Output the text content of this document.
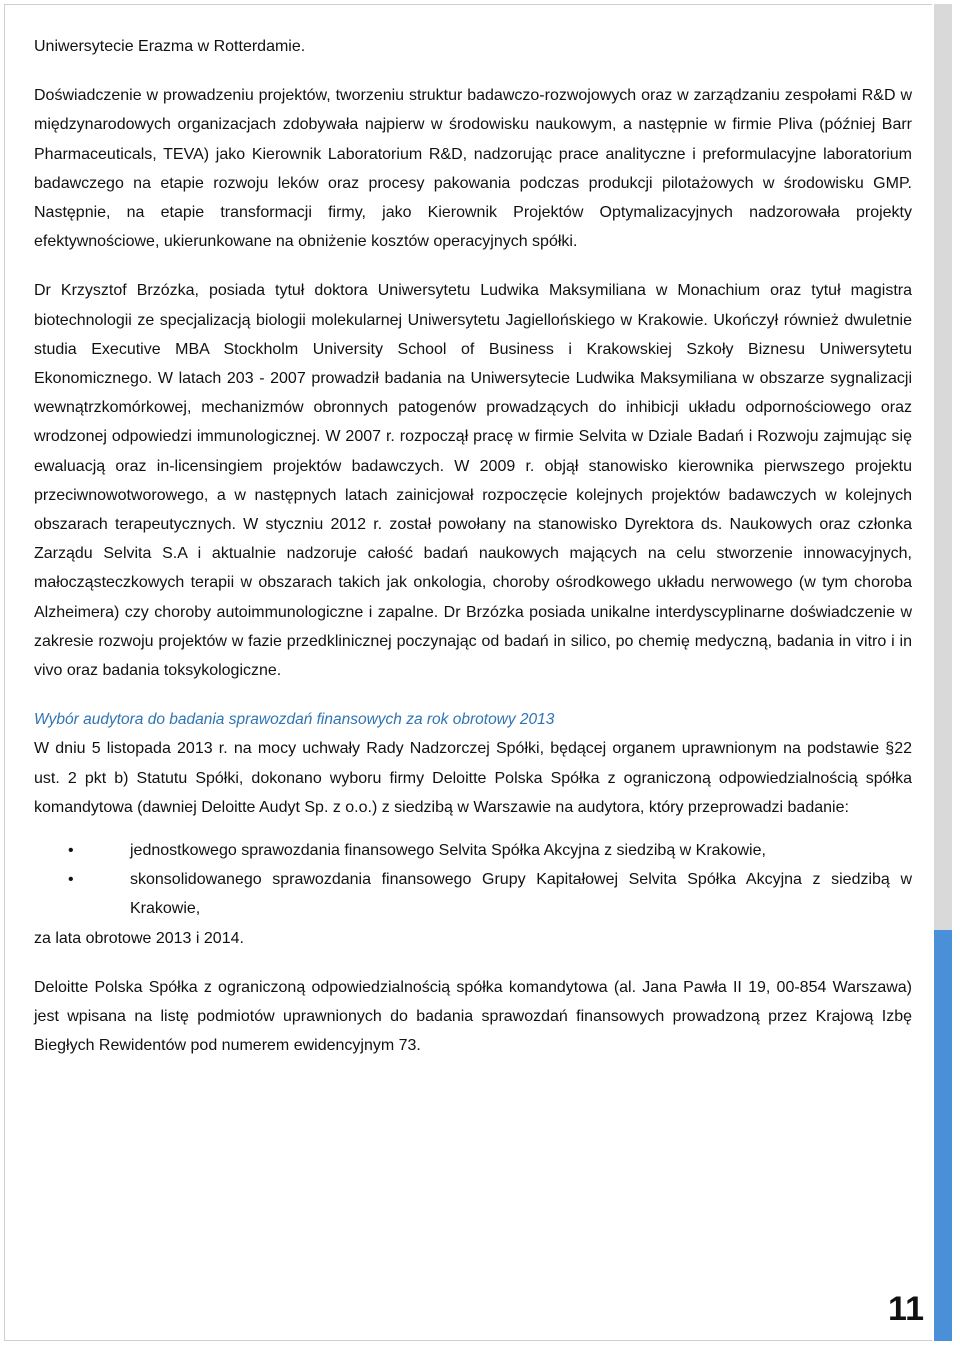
Uniwersytecie Erazma w Rotterdamie.

Doświadczenie w prowadzeniu projektów, tworzeniu struktur badawczo-rozwojowych oraz w zarządzaniu zespołami R&D w międzynarodowych organizacjach zdobywała najpierw w środowisku naukowym, a następnie w firmie Pliva (później Barr Pharmaceuticals, TEVA) jako Kierownik Laboratorium R&D, nadzorując prace analityczne i preformulacyjne laboratorium badawczego na etapie rozwoju leków oraz procesy pakowania podczas produkcji pilotażowych w środowisku GMP. Następnie, na etapie transformacji firmy, jako Kierownik Projektów Optymalizacyjnych nadzorowała projekty efektywnościowe, ukierunkowane na obniżenie kosztów operacyjnych spółki.

Dr Krzysztof Brzózka, posiada tytuł doktora Uniwersytetu Ludwika Maksymiliana w Monachium oraz tytuł magistra biotechnologii ze specjalizacją biologii molekularnej Uniwersytetu Jagiellońskiego w Krakowie. Ukończył również dwuletnie studia Executive MBA Stockholm University School of Business i Krakowskiej Szkoły Biznesu Uniwersytetu Ekonomicznego. W latach 203 - 2007 prowadził badania na Uniwersytecie Ludwika Maksymiliana w obszarze sygnalizacji wewnątrzkomórkowej, mechanizmów obronnych patogenów prowadzących do inhibicji układu odpornościowego oraz wrodzonej odpowiedzi immunologicznej. W 2007 r. rozpoczął pracę w firmie Selvita w Dziale Badań i Rozwoju zajmując się ewaluacją oraz in-licensingiem projektów badawczych. W 2009 r. objął stanowisko kierownika pierwszego projektu przeciwnowotworowego, a w następnych latach zainicjował rozpoczęcie kolejnych projektów badawczych w kolejnych obszarach terapeutycznych. W styczniu 2012 r. został powołany na stanowisko Dyrektora ds. Naukowych oraz członka Zarządu Selvita S.A i aktualnie nadzoruje całość badań naukowych mających na celu stworzenie innowacyjnych, małocząsteczkowych terapii w obszarach takich jak onkologia, choroby ośrodkowego układu nerwowego (w tym choroba Alzheimera) czy choroby autoimmunologiczne i zapalne. Dr Brzózka posiada unikalne interdyscyplinarne doświadczenie w zakresie rozwoju projektów w fazie przedklinicznej poczynając od badań in silico, po chemię medyczną, badania in vitro i in vivo oraz badania toksykologiczne.

Wybór audytora do badania sprawozdań finansowych za rok obrotowy 2013

W dniu 5 listopada 2013 r. na mocy uchwały Rady Nadzorczej Spółki, będącej organem uprawnionym na podstawie §22 ust. 2 pkt b) Statutu Spółki, dokonano wyboru firmy Deloitte Polska Spółka z ograniczoną odpowiedzialnością spółka komandytowa (dawniej Deloitte Audyt Sp. z o.o.) z siedzibą w Warszawie na audytora, który przeprowadzi badanie:

•	jednostkowego sprawozdania finansowego Selvita Spółka Akcyjna z siedzibą w Krakowie,
•	skonsolidowanego sprawozdania finansowego Grupy Kapitałowej Selvita Spółka Akcyjna z siedzibą w Krakowie,

za lata obrotowe 2013 i 2014.

Deloitte Polska Spółka z ograniczoną odpowiedzialnością spółka komandytowa (al. Jana Pawła II 19, 00-854 Warszawa) jest wpisana na listę podmiotów uprawnionych do badania sprawozdań finansowych prowadzoną przez Krajową Izbę Biegłych Rewidentów pod numerem ewidencyjnym 73.

11
